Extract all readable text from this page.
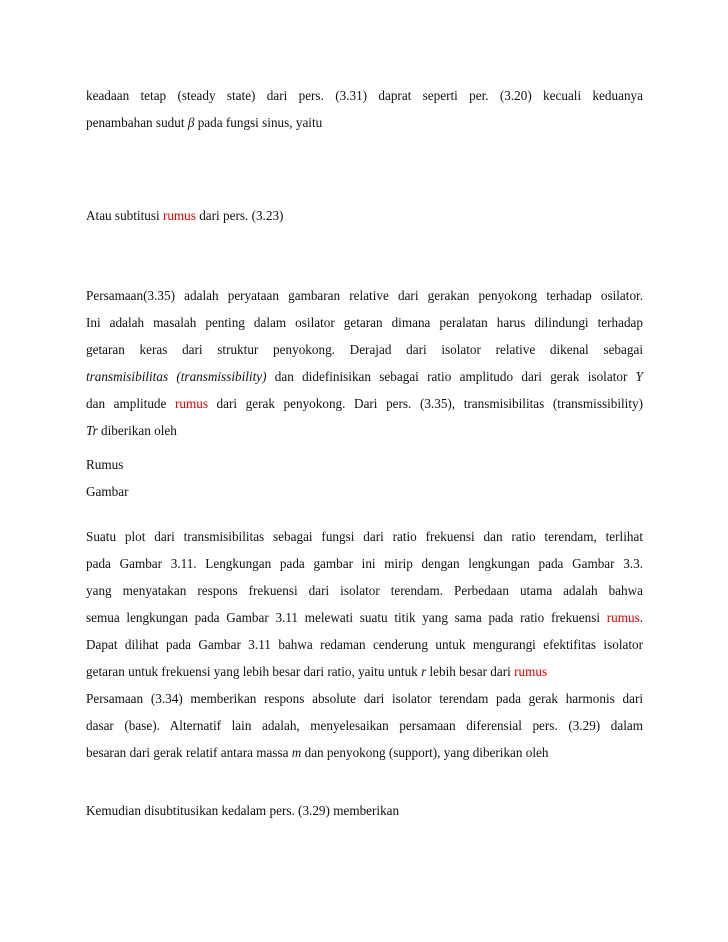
keadaan tetap (steady state) dari pers. (3.31) daprat seperti per. (3.20) kecuali keduanya
penambahan sudut β pada fungsi sinus, yaitu
Atau subtitusi rumus dari pers. (3.23)
Persamaan(3.35) adalah peryataan gambaran relative dari gerakan penyokong terhadap osilator.
Ini adalah masalah penting dalam osilator getaran dimana peralatan harus dilindungi terhadap
getaran keras dari struktur penyokong. Derajad dari isolator relative dikenal sebagai
transmisibilitas (transmissibility) dan didefinisikan sebagai ratio amplitudo dari gerak isolator Y
dan amplitude rumus dari gerak penyokong. Dari pers. (3.35), transmisibilitas (transmissibility)
Tr diberikan oleh
Rumus
Gambar
Suatu plot dari transmisibilitas sebagai fungsi dari ratio frekuensi dan ratio terendam, terlihat
pada Gambar 3.11. Lengkungan pada gambar ini mirip dengan lengkungan pada Gambar 3.3.
yang menyatakan respons frekuensi dari isolator terendam. Perbedaan utama adalah bahwa
semua lengkungan pada Gambar 3.11 melewati suatu titik yang sama pada ratio frekuensi rumus.
Dapat dilihat pada Gambar 3.11 bahwa redaman cenderung untuk mengurangi efektifitas isolator
getaran untuk frekuensi yang lebih besar dari ratio, yaitu untuk r lebih besar dari rumus
Persamaan (3.34) memberikan respons absolute dari isolator terendam pada gerak harmonis dari
dasar (base). Alternatif lain adalah, menyelesaikan persamaan diferensial pers. (3.29) dalam
besaran dari gerak relatif antara massa m dan penyokong (support), yang diberikan oleh
Kemudian disubtitusikan kedalam pers. (3.29) memberikan
